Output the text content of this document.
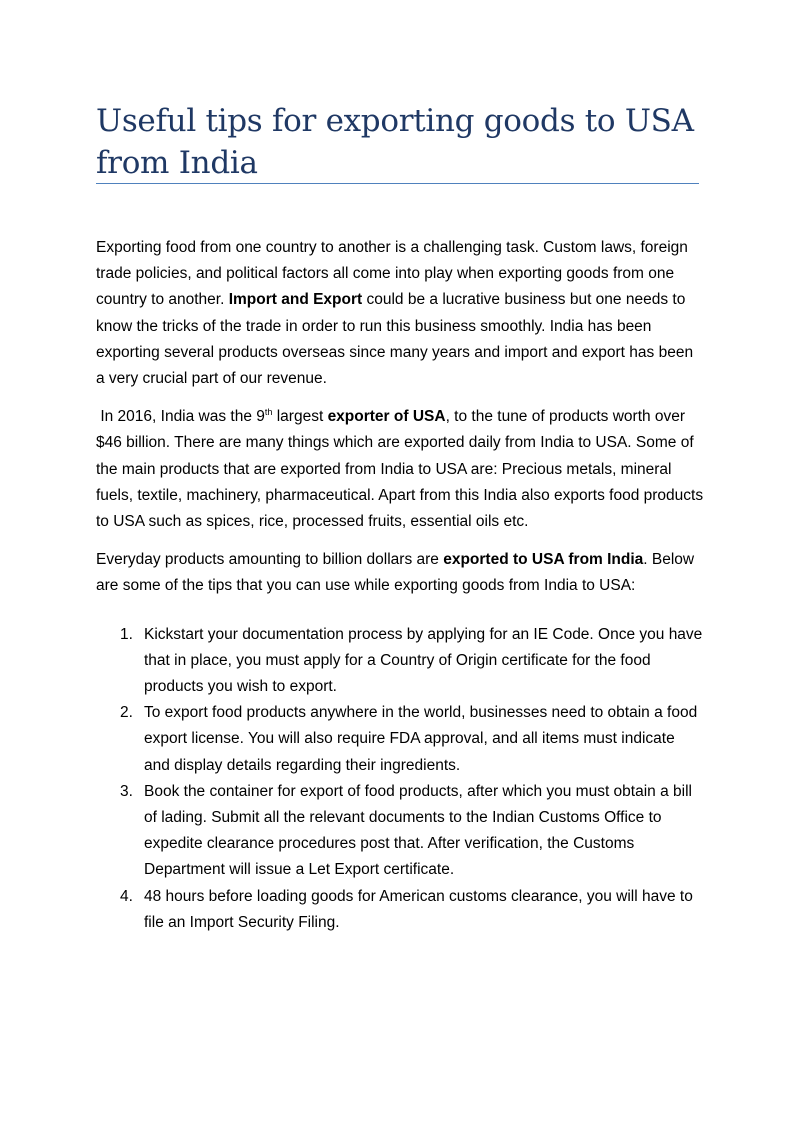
Useful tips for exporting goods to USA from India

Exporting food from one country to another is a challenging task. Custom laws, foreign trade policies, and political factors all come into play when exporting goods from one country to another. Import and Export could be a lucrative business but one needs to know the tricks of the trade in order to run this business smoothly. India has been exporting several products overseas since many years and import and export has been a very crucial part of our revenue.

In 2016, India was the 9th largest exporter of USA, to the tune of products worth over $46 billion. There are many things which are exported daily from India to USA. Some of the main products that are exported from India to USA are: Precious metals, mineral fuels, textile, machinery, pharmaceutical. Apart from this India also exports food products to USA such as spices, rice, processed fruits, essential oils etc.

Everyday products amounting to billion dollars are exported to USA from India. Below are some of the tips that you can use while exporting goods from India to USA:

1. Kickstart your documentation process by applying for an IE Code. Once you have that in place, you must apply for a Country of Origin certificate for the food products you wish to export.
2. To export food products anywhere in the world, businesses need to obtain a food export license. You will also require FDA approval, and all items must indicate and display details regarding their ingredients.
3. Book the container for export of food products, after which you must obtain a bill of lading. Submit all the relevant documents to the Indian Customs Office to expedite clearance procedures post that. After verification, the Customs Department will issue a Let Export certificate.
4. 48 hours before loading goods for American customs clearance, you will have to file an Import Security Filing.
